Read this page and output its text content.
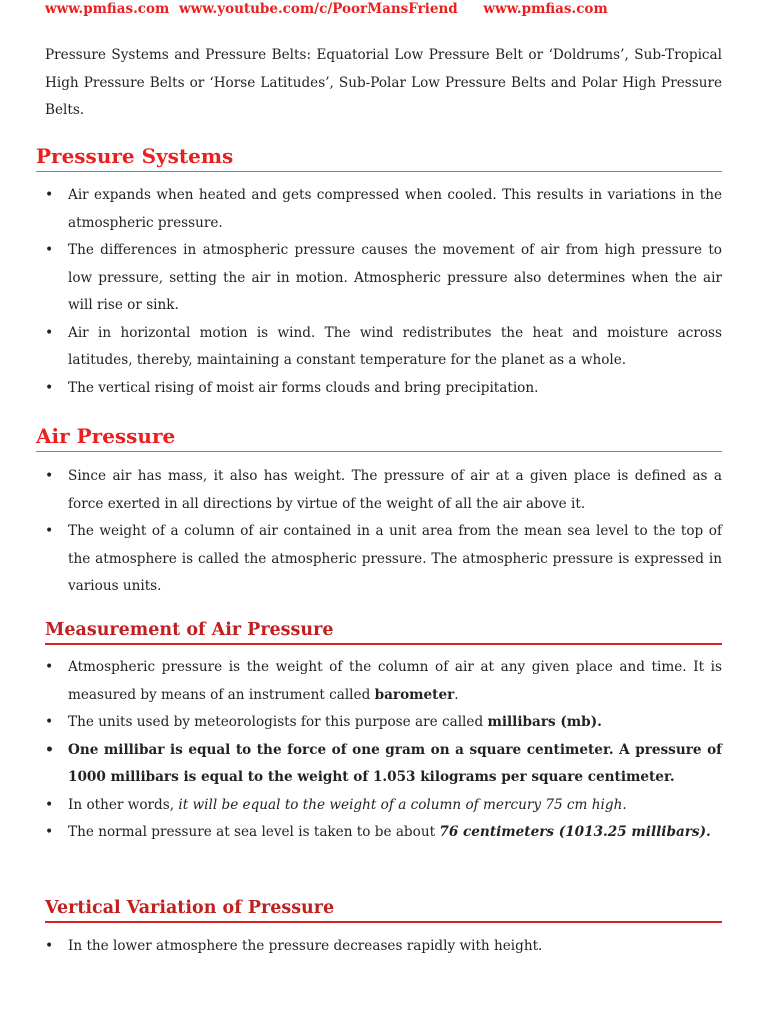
www.pmfias.com www.youtube.com/c/PoorMansFriend www.pmfias.com

Pressure Systems and Pressure Belts: Equatorial Low Pressure Belt or ‘Doldrums’, Sub-Tropical High Pressure Belts or ‘Horse Latitudes’, Sub-Polar Low Pressure Belts and Polar High Pressure Belts.

Pressure Systems
• Air expands when heated and gets compressed when cooled. This results in variations in the atmospheric pressure.
• The differences in atmospheric pressure causes the movement of air from high pressure to low pressure, setting the air in motion. Atmospheric pressure also determines when the air will rise or sink.
• Air in horizontal motion is wind. The wind redistributes the heat and moisture across latitudes, thereby, maintaining a constant temperature for the planet as a whole.
• The vertical rising of moist air forms clouds and bring precipitation.
Air Pressure
• Since air has mass, it also has weight. The pressure of air at a given place is defined as a force exerted in all directions by virtue of the weight of all the air above it.
• The weight of a column of air contained in a unit area from the mean sea level to the top of the atmosphere is called the atmospheric pressure. The atmospheric pressure is expressed in various units.
Measurement of Air Pressure
• Atmospheric pressure is the weight of the column of air at any given place and time. It is measured by means of an instrument called barometer.
• The units used by meteorologists for this purpose are called millibars (mb).
• One millibar is equal to the force of one gram on a square centimeter. A pressure of 1000 millibars is equal to the weight of 1.053 kilograms per square centimeter.
• In other words, it will be equal to the weight of a column of mercury 75 cm high.
• The normal pressure at sea level is taken to be about 76 centimeters (1013.25 millibars).
Vertical Variation of Pressure
• In the lower atmosphere the pressure decreases rapidly with height.
